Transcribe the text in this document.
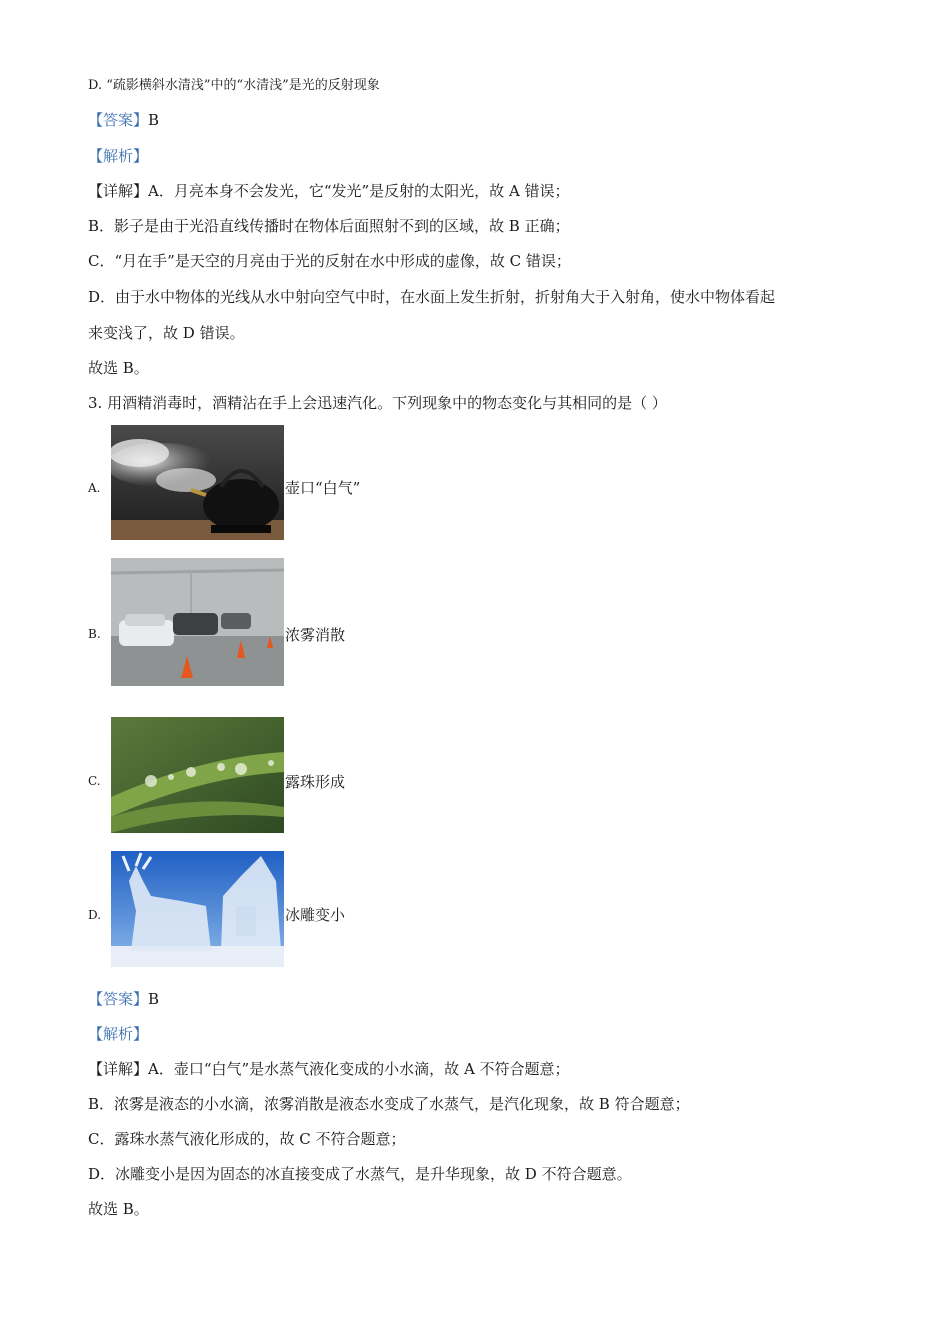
D. “疏影横斜水清浅”中的“水清浅”是光的反射现象
【答案】B
【解析】
【详解】A．月亮本身不会发光，它“发光”是反射的太阳光，故 A 错误；
B．影子是由于光沿直线传播时在物体后面照射不到的区域，故 B 正确；
C．“月在手”是天空的月亮由于光的反射在水中形成的虚像，故 C 错误；
D．由于水中物体的光线从水中射向空气中时，在水面上发生折射，折射角大于入射角，使水中物体看起
来变浅了，故 D 错误。
故选 B。
3. 用酒精消毒时，酒精沾在手上会迅速汽化。下列现象中的物态变化与其相同的是（ ）
A.	壶口“白气”
B.	浓雾消散
C.	露珠形成
D.	冰雕变小
【答案】B
【解析】
【详解】A．壶口“白气”是水蒸气液化变成的小水滴，故 A 不符合题意；
B．浓雾是液态的小水滴，浓雾消散是液态水变成了水蒸气，是汽化现象，故 B 符合题意；
C．露珠水蒸气液化形成的，故 C 不符合题意；
D．冰雕变小是因为固态的冰直接变成了水蒸气，是升华现象，故 D 不符合题意。
故选 B。
